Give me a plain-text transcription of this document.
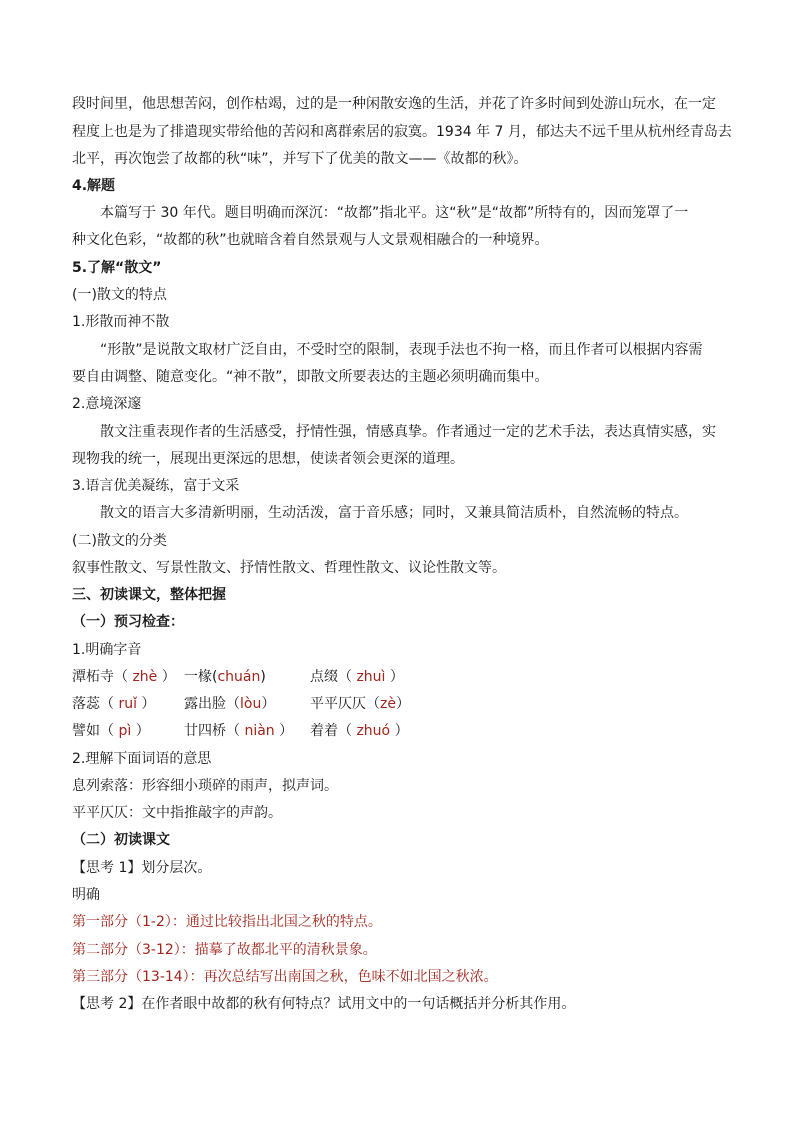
段时间里，他思想苦闷，创作枯竭，过的是一种闲散安逸的生活，并花了许多时间到处游山玩水，在一定
程度上也是为了排遣现实带给他的苦闷和离群索居的寂寞。1934 年 7 月，郁达夫不远千里从杭州经青岛去
北平，再次饱尝了故都的秋“味”，并写下了优美的散文——《故都的秋》。
4.解题
本篇写于 30 年代。题目明确而深沉：“故都”指北平。这“秋”是“故都”所特有的，因而笼罩了一
种文化色彩，“故都的秋”也就暗含着自然景观与人文景观相融合的一种境界。
5.了解“散文”
(一)散文的特点
1.形散而神不散
“形散”是说散文取材广泛自由，不受时空的限制，表现手法也不拘一格，而且作者可以根据内容需
要自由调整、随意变化。“神不散”，即散文所要表达的主题必须明确而集中。
2.意境深邃
散文注重表现作者的生活感受，抒情性强，情感真挚。作者通过一定的艺术手法，表达真情实感，实
现物我的统一，展现出更深远的思想，使读者领会更深的道理。
3.语言优美凝练，富于文采
散文的语言大多清新明丽，生动活泼，富于音乐感；同时，又兼具简洁质朴，自然流畅的特点。
(二)散文的分类
叙事性散文、写景性散文、抒情性散文、哲理性散文、议论性散文等。
三、初读课文，整体把握
（一）预习检查：
1.明确字音
潭柘寺（ zhè ） 一椽(chuán)	点缀（ zhuì ）
落蕊（ ruǐ ） 露出脸（lòu） 平平仄仄（zè）
譬如（ pì ） 廿四桥（ niàn ） 着着（ zhuó ）
2.理解下面词语的意思
息列索落：形容细小琐碎的雨声，拟声词。
平平仄仄：文中指推敲字的声韵。
（二）初读课文
【思考 1】划分层次。
明确
第一部分（1-2）：通过比较指出北国之秋的特点。
第二部分（3-12）：描摹了故都北平的清秋景象。
第三部分（13-14）：再次总结写出南国之秋，色味不如北国之秋浓。
【思考 2】在作者眼中故都的秋有何特点？试用文中的一句话概括并分析其作用。
